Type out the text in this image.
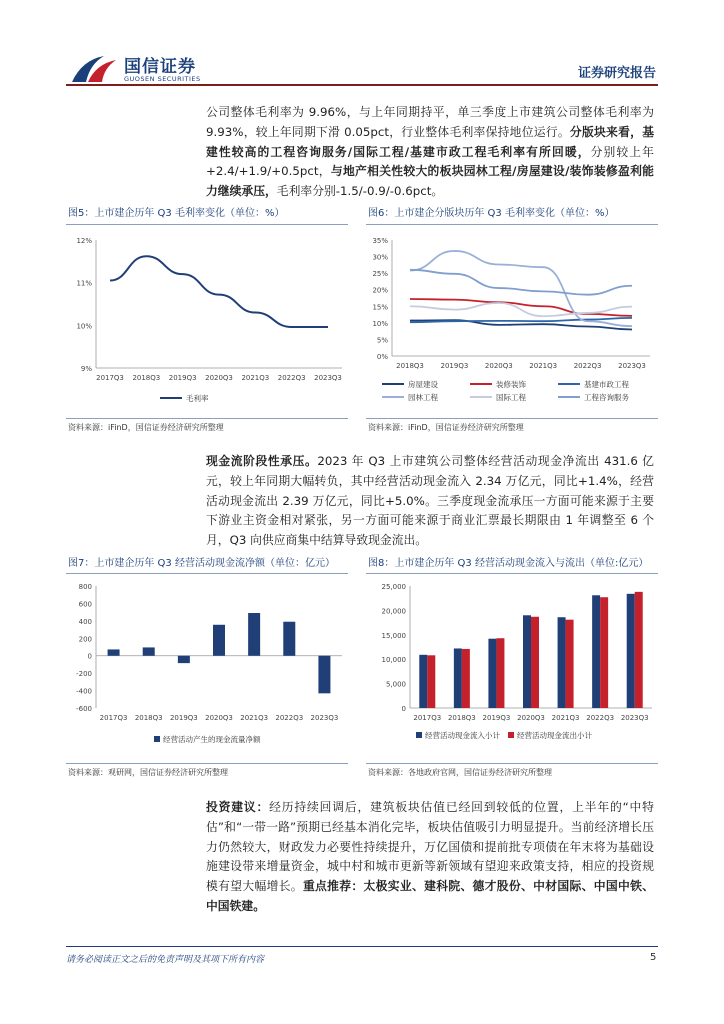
国信证券
GUOSEN SECURITIES	证券研究报告
公司整体毛利率为 9.96%，与上年同期持平，单三季度上市建筑公司整体毛利率为 9.93%，较上年同期下滑 0.05pct，行业整体毛利率保持地位运行。分版块来看，基建性较高的工程咨询服务/国际工程/基建市政工程毛利率有所回暖，分别较上年+2.4/+1.9/+0.5pct，与地产相关性较大的板块园林工程/房屋建设/装饰装修盈利能力继续承压，毛利率分别-1.5/-0.9/-0.6pct。
图5：上市建企历年 Q3 毛利率变化（单位：%）
12%
11%
10%
9%
2017Q3 2018Q3 2019Q3 2020Q3 2021Q3 2022Q3 2023Q3
毛利率
资料来源：iFinD，国信证券经济研究所整理
图6：上市建企分版块历年 Q3 毛利率变化（单位：%）
35%
30%
25%
20%
15%
10%
5%
0%
2018Q3 2019Q3 2020Q3 2021Q3 2022Q3 2023Q3
房屋建设	装修装饰	基建市政工程
园林工程	国际工程	工程咨询服务
资料来源：iFinD，国信证券经济研究所整理
现金流阶段性承压。2023 年 Q3 上市建筑公司整体经营活动现金净流出 431.6 亿元，较上年同期大幅转负，其中经营活动现金流入 2.34 万亿元，同比+1.4%，经营活动现金流出 2.39 万亿元，同比+5.0%。三季度现金流承压一方面可能来源于主要下游业主资金相对紧张，另一方面可能来源于商业汇票最长期限由 1 年调整至 6 个月，Q3 向供应商集中结算导致现金流出。
图7：上市建企历年 Q3 经营活动现金流净额（单位：亿元）
800
600
400
200
0
-200
-400
-600
2017Q3 2018Q3 2019Q3 2020Q3 2021Q3 2022Q3 2023Q3
经营活动产生的现金流量净额
资料来源：观研网，国信证券经济研究所整理
图8：上市建企历年 Q3 经营活动现金流入与流出（单位:亿元）
25,000
20,000
15,000
10,000
5,000
0
2017Q3 2018Q3 2019Q3 2020Q3 2021Q3 2022Q3 2023Q3
经营活动现金流入小计 经营活动现金流出小计
资料来源：各地政府官网，国信证券经济研究所整理
投资建议：经历持续回调后，建筑板块估值已经回到较低的位置，上半年的“中特估”和“一带一路”预期已经基本消化完毕，板块估值吸引力明显提升。当前经济增长压力仍然较大，财政发力必要性持续提升，万亿国债和提前批专项债在年末将为基础设施建设带来增量资金，城中村和城市更新等新领域有望迎来政策支持，相应的投资规模有望大幅增长。重点推荐：太极实业、建科院、德才股份、中材国际、中国中铁、中国铁建。
请务必阅读正文之后的免责声明及其项下所有内容	5
